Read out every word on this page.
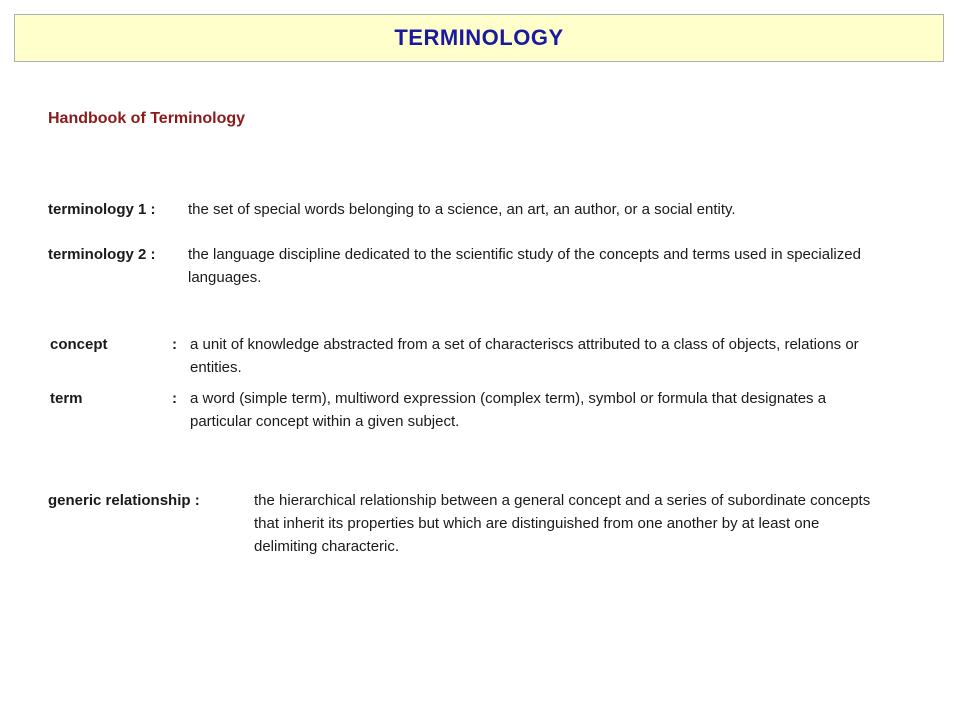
TERMINOLOGY
Handbook of Terminology
terminology 1 : the set of special words belonging to a science, an art, an author, or a social entity.
terminology 2 : the language discipline dedicated to the scientific study of the concepts and terms used in specialized languages.
concept	: a unit of knowledge abstracted from a set of characteriscs attributed to a class of objects, relations or entities.
term	: a word (simple term), multiword expression (complex term), symbol or formula that designates a particular concept within a given subject.
generic relationship :	the hierarchical relationship between a general concept and a series of subordinate concepts that inherit its properties but which are distinguished from one another by at least one delimiting characteric.
